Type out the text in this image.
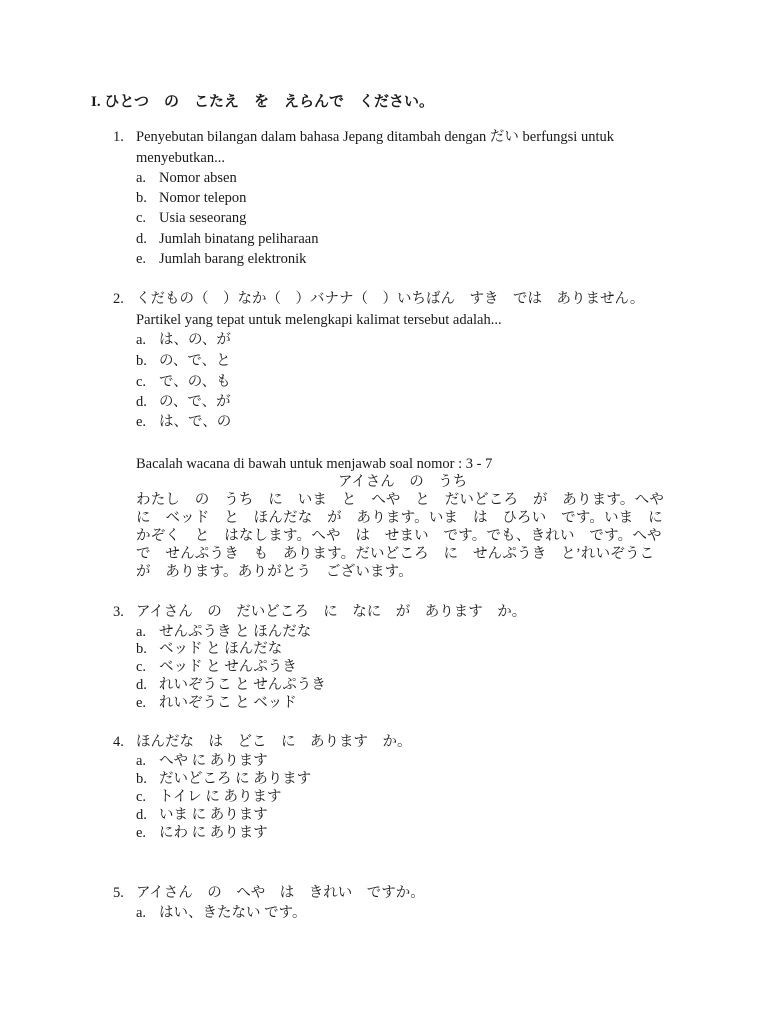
I. ひとつ　の　こたえ　を　えらんで　ください。
1. Penyebutan bilangan dalam bahasa Jepang ditambah dengan だい berfungsi untuk
menyebutkan...
a. Nomor absen
b. Nomor telepon
c. Usia seseorang
d. Jumlah binatang peliharaan
e. Jumlah barang elektronik
2. くだもの（　）なか（　）バナナ（　）いちばん　すき　では　ありません。
Partikel yang tepat untuk melengkapi kalimat tersebut adalah...
a. は、の、が
b. の、で、と
c. で、の、も
d. の、で、が
e. は、で、の
Bacalah wacana di bawah untuk menjawab soal nomor : 3 - 7
アイさん　の　うち
わたし　の　うち　に　いま　と　へや　と　だいどころ　が　あります。へや
に　ベッド　と　ほんだな　が　あります。いま　は　ひろい　です。いま　に
かぞく　と　はなします。へや　は　せまい　です。でも、きれい　です。へや
で　せんぷうき　も　あります。だいどころ　に　せんぷうき　と’れいぞうこ
が　あります。ありがとう　ございます。
3. アイさん　の　だいどころ　に　なに　が　あります　か。
a. せんぷうき と ほんだな
b. ベッド と ほんだな
c. ベッド と せんぷうき
d. れいぞうこ と せんぷうき
e. れいぞうこ と ベッド
4. ほんだな　は　どこ　に　あります　か。
a. へや に あります
b. だいどころ に あります
c. トイレ に あります
d. いま に あります
e. にわ に あります
5. アイさん　の　へや　は　きれい　ですか。
a. はい、きたない です。
